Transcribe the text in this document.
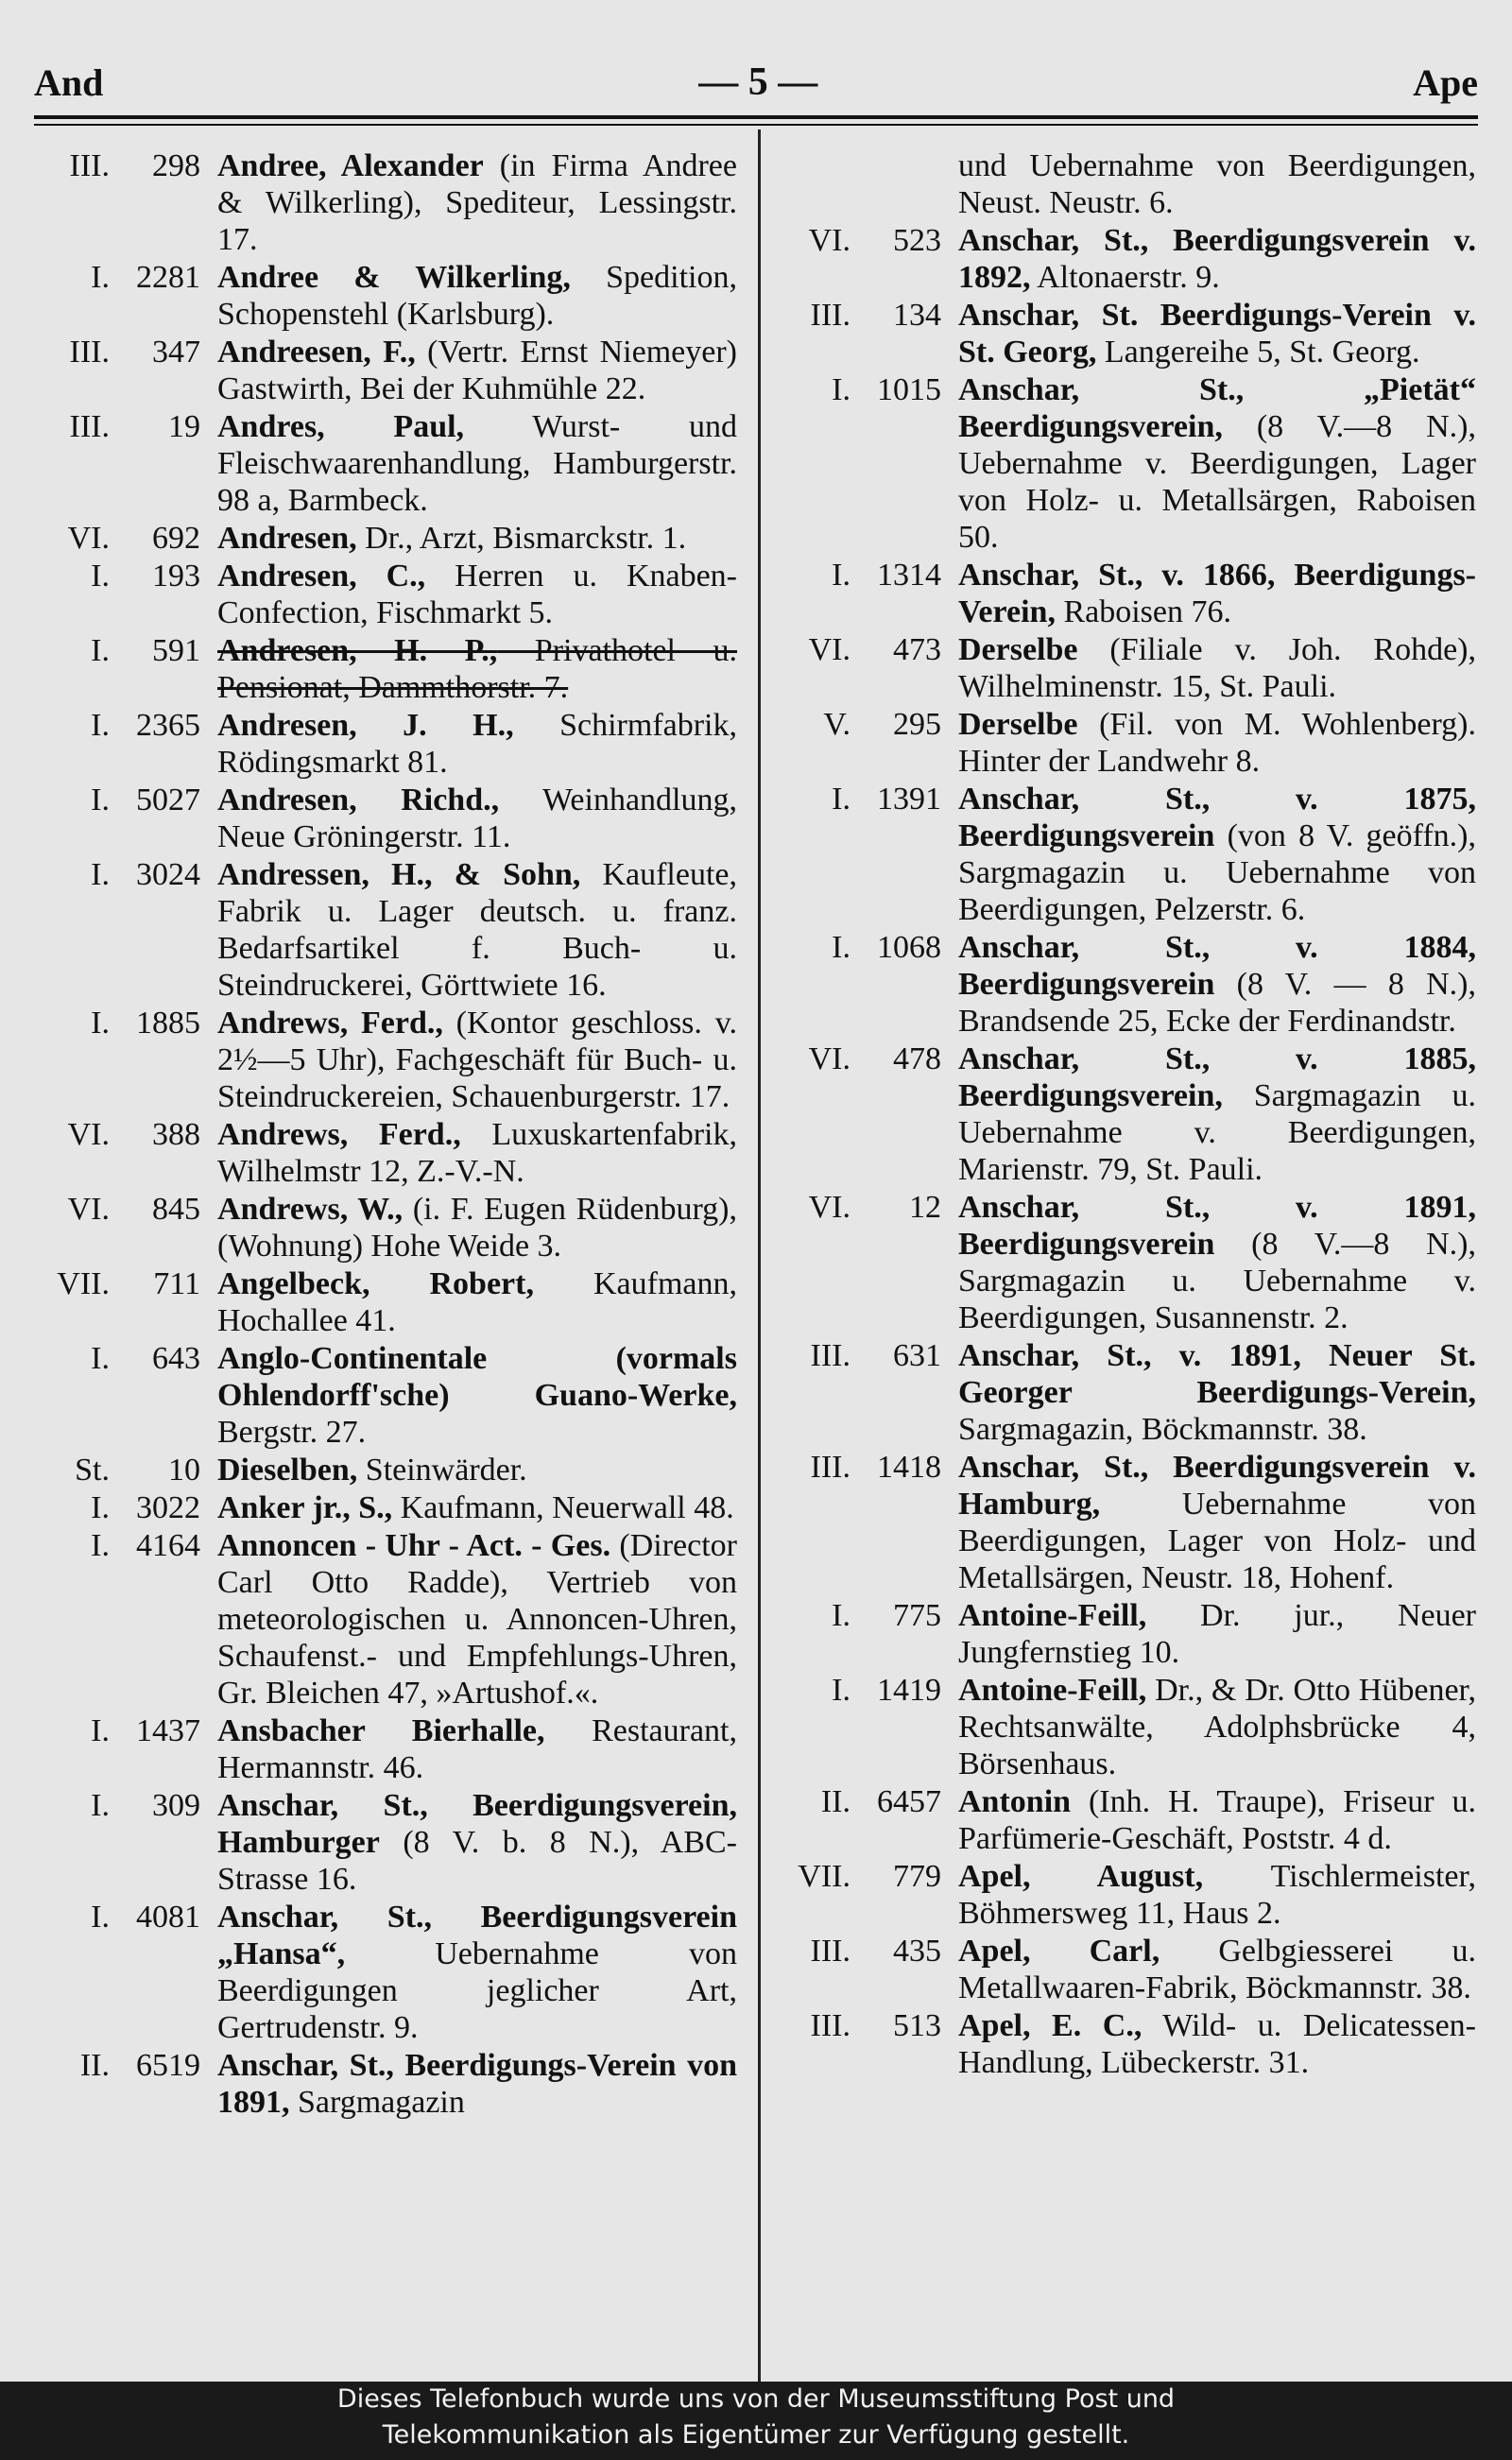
And	— 5 —	Ape
III.	298 Andree, Alexander (in Firma Andree & Wilkerling), Spediteur, Lessingstr. 17.
I. 2281 Andree & Wilkerling, Spedition, Schopenstehl (Karlsburg).
III.	347 Andreesen, F., (Vertr. Ernst Niemeyer) Gastwirth, Bei der Kuhmühle 22.
III.	19 Andres, Paul, Wurst- und Fleischwaarenhandlung, Hamburgerstr. 98 a, Barmbeck.
VI.	692 Andresen, Dr., Arzt, Bismarckstr. 1.
I.	193 Andresen, C., Herren u. Knaben-Confection, Fischmarkt 5.
I.	591 Andresen, H. P., Privathotel u. Pensionat, Dammthorstr. 7.
I. 2365 Andresen, J. H., Schirmfabrik, Rödingsmarkt 81.
I. 5027 Andresen, Richd., Weinhandlung, Neue Gröningerstr. 11.
I. 3024 Andressen, H., & Sohn, Kaufleute, Fabrik u. Lager deutsch. u. franz. Bedarfsartikel f. Buch- u. Steindruckerei, Görttwiete 16.
I. 1885 Andrews, Ferd., (Kontor geschloss. v. 2½—5 Uhr), Fachgeschäft für Buch- u. Steindruckereien, Schauenburgerstr. 17.
VI.	388 Andrews, Ferd., Luxuskartenfabrik, Wilhelmstr 12, Z.-V.-N.
VI.	845 Andrews, W., (i. F. Eugen Rüdenburg), (Wohnung) Hohe Weide 3.
VII.	711 Angelbeck, Robert, Kaufmann, Hochallee 41.
I.	643 Anglo-Continentale (vormals Ohlendorff'sche) Guano-Werke, Bergstr. 27.
St.	10 Dieselben, Steinwärder.
I. 3022 Anker jr., S., Kaufmann, Neuerwall 48.
I. 4164 Annoncen - Uhr - Act. - Ges. (Director Carl Otto Radde), Vertrieb von meteorologischen u. Annoncen-Uhren, Schaufenst.- und Empfehlungs-Uhren, Gr. Bleichen 47, »Artushof.«.
I. 1437 Ansbacher Bierhalle, Restaurant, Hermannstr. 46.
I.	309 Anschar, St., Beerdigungsverein, Hamburger (8 V. b. 8 N.), ABC-Strasse 16.
I. 4081 Anschar, St., Beerdigungsverein „Hansa“, Uebernahme von Beerdigungen jeglicher Art, Gertrudenstr. 9.
II. 6519 Anschar, St., Beerdigungs-Verein von 1891, Sargmagazin
und Uebernahme von Beerdigungen, Neust. Neustr. 6.
VI.	523 Anschar, St., Beerdigungsverein v. 1892, Altonaerstr. 9.
III.	134 Anschar, St. Beerdigungs-Verein v. St. Georg, Langereihe 5, St. Georg.
I. 1015 Anschar, St., „Pietät“ Beerdigungsverein, (8 V.—8 N.), Uebernahme v. Beerdigungen, Lager von Holz- u. Metallsärgen, Raboisen 50.
I. 1314 Anschar, St., v. 1866, Beerdigungs-Verein, Raboisen 76.
VI.	473 Derselbe (Filiale v. Joh. Rohde), Wilhelminenstr. 15, St. Pauli.
V.	295 Derselbe (Fil. von M. Wohlenberg). Hinter der Landwehr 8.
I. 1391 Anschar, St., v. 1875, Beerdigungsverein (von 8 V. geöffn.), Sargmagazin u. Uebernahme von Beerdigungen, Pelzerstr. 6.
I. 1068 Anschar, St., v. 1884, Beerdigungsverein (8 V. — 8 N.), Brandsende 25, Ecke der Ferdinandstr.
VI.	478 Anschar, St., v. 1885, Beerdigungsverein, Sargmagazin u. Uebernahme v. Beerdigungen, Marienstr. 79, St. Pauli.
VI.	12 Anschar, St., v. 1891, Beerdigungsverein (8 V.—8 N.), Sargmagazin u. Uebernahme v. Beerdigungen, Susannenstr. 2.
III.	631 Anschar, St., v. 1891, Neuer St. Georger Beerdigungs-Verein, Sargmagazin, Böckmannstr. 38.
III. 1418 Anschar, St., Beerdigungsverein v. Hamburg, Uebernahme von Beerdigungen, Lager von Holz- und Metallsärgen, Neustr. 18, Hohenf.
I.	775 Antoine-Feill, Dr. jur., Neuer Jungfernstieg 10.
I. 1419 Antoine-Feill, Dr., & Dr. Otto Hübener, Rechtsanwälte, Adolphsbrücke 4, Börsenhaus.
II. 6457 Antonin (Inh. H. Traupe), Friseur u. Parfümerie-Geschäft, Poststr. 4 d.
VII.	779 Apel, August, Tischlermeister, Böhmersweg 11, Haus 2.
III.	435 Apel, Carl, Gelbgiesserei u. Metallwaaren-Fabrik, Böckmannstr. 38.
III.	513 Apel, E. C., Wild- u. Delicatessen-Handlung, Lübeckerstr. 31.
Dieses Telefonbuch wurde uns von der Museumsstiftung Post und
Telekommunikation als Eigentümer zur Verfügung gestellt.
